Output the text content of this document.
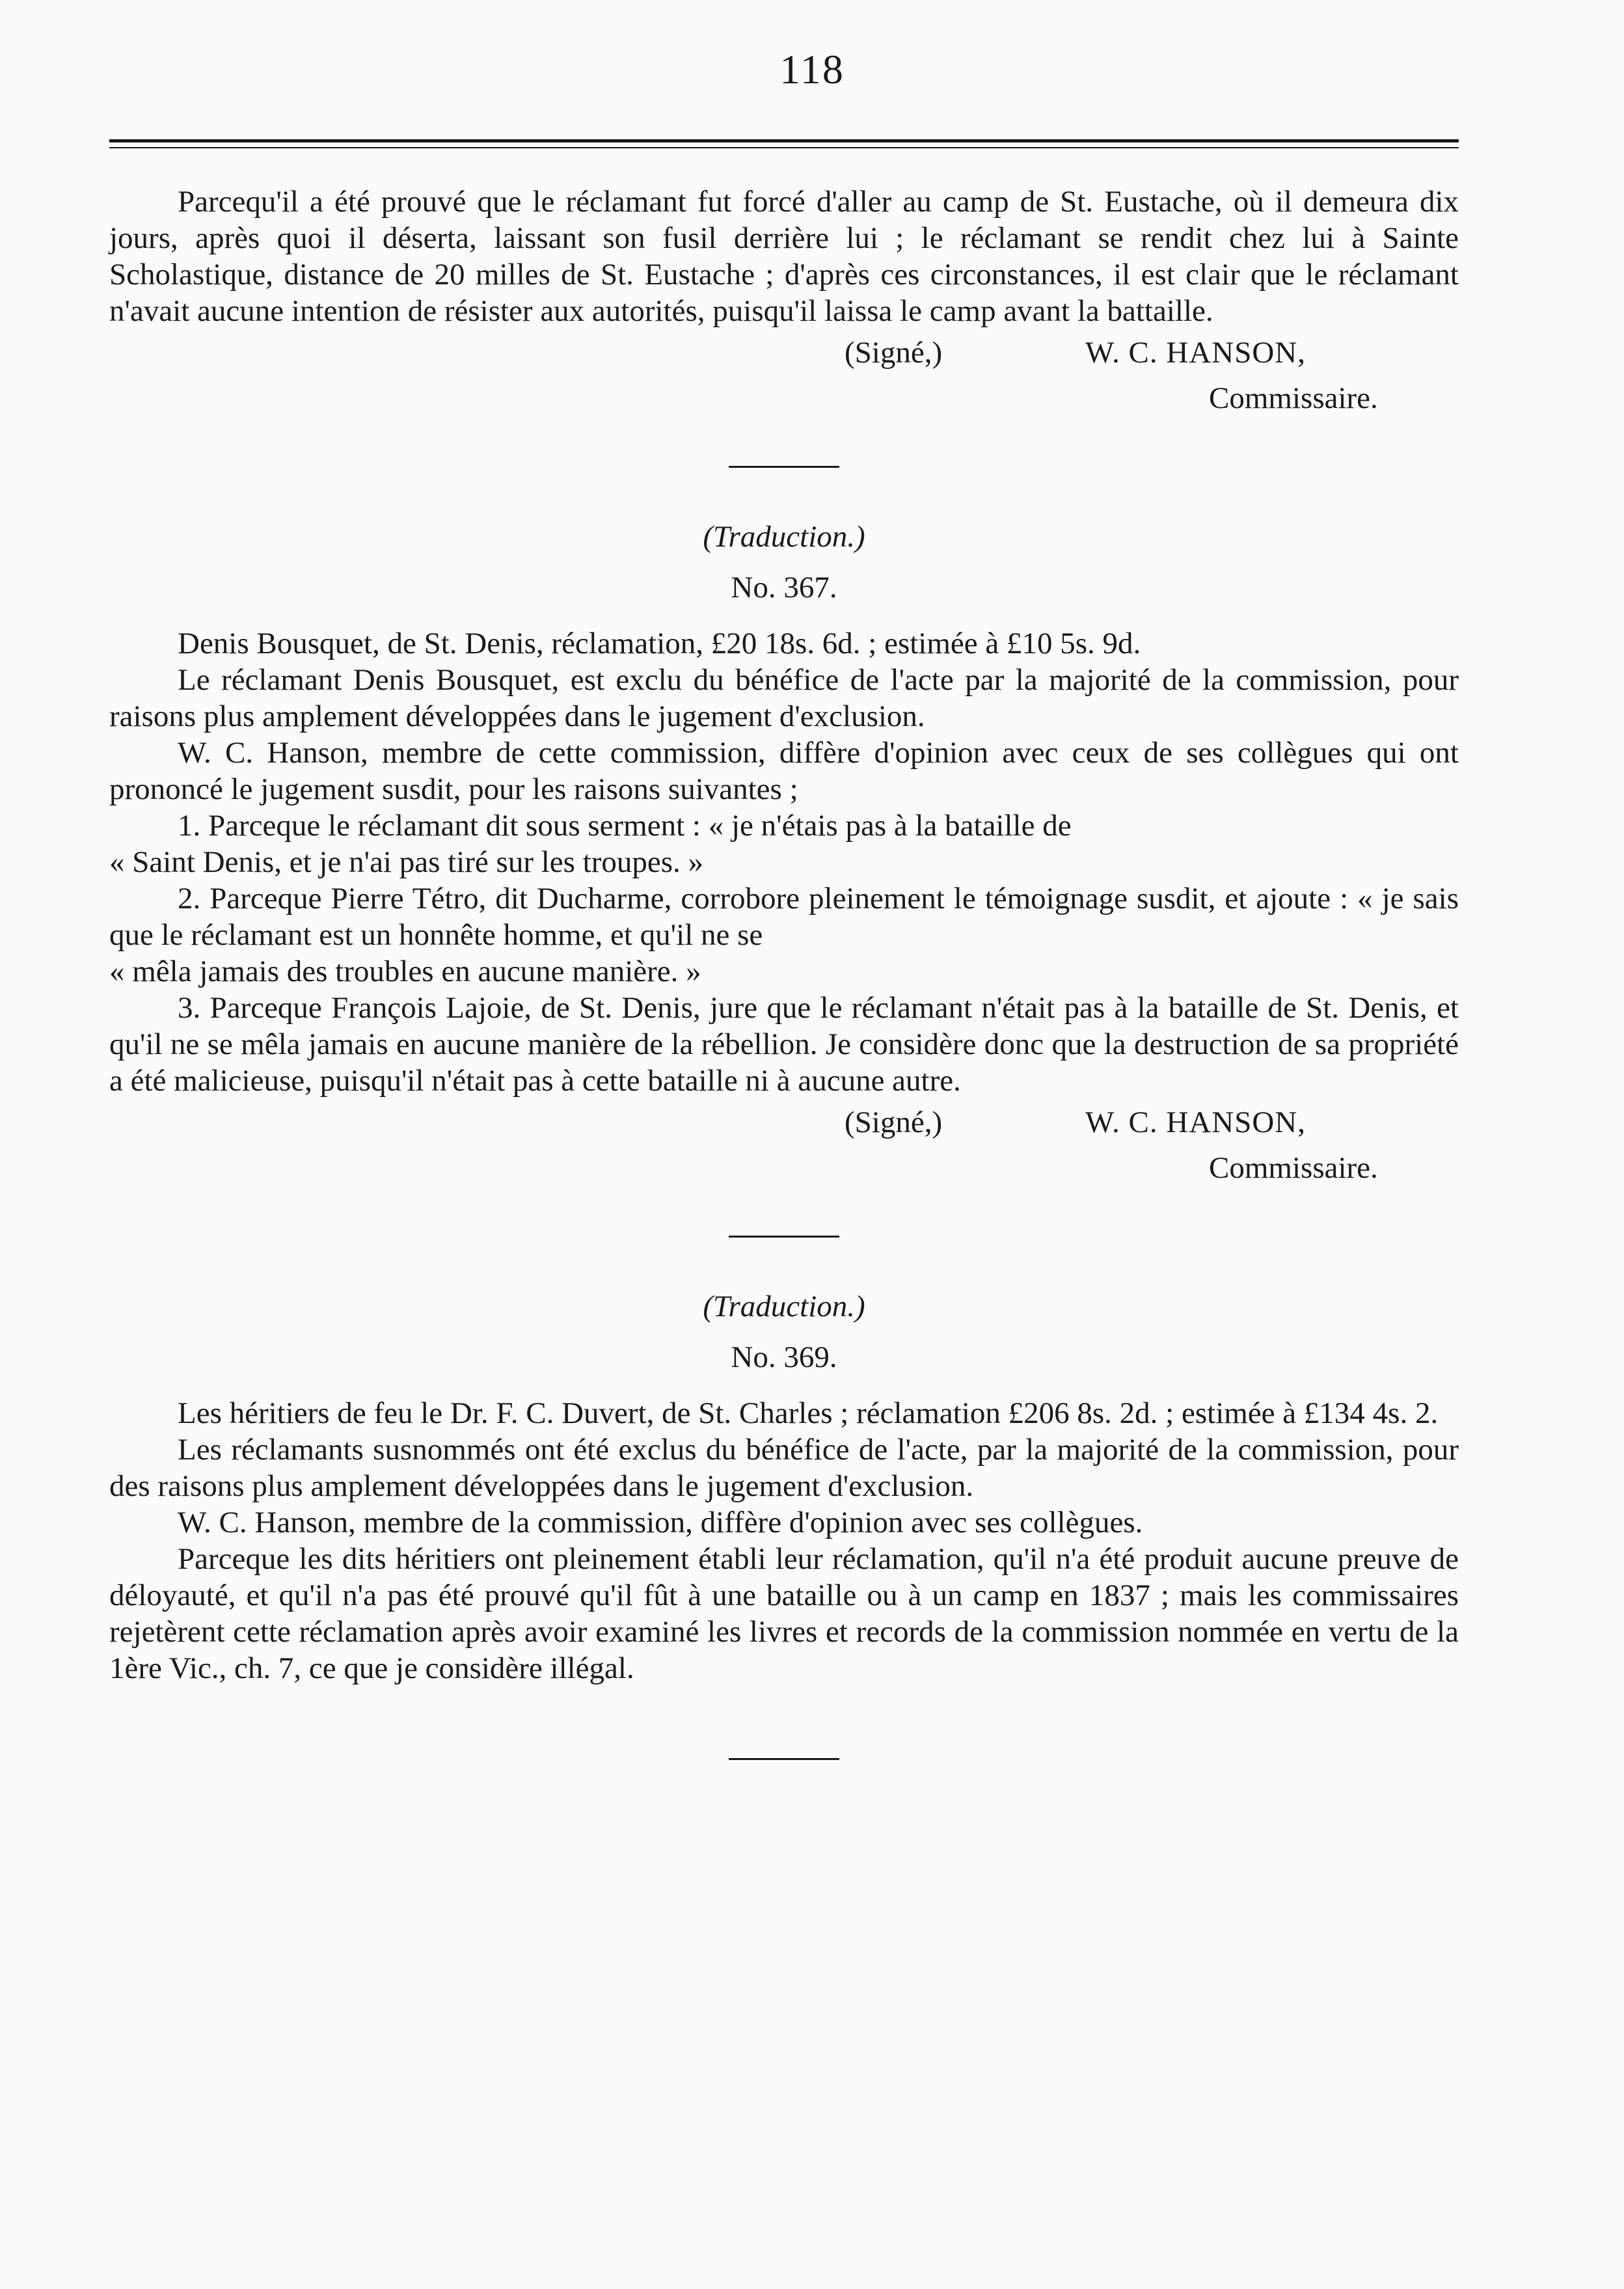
118

Parcequ'il a été prouvé que le réclamant fut forcé d'aller au camp de St. Eustache, où il demeura dix jours, après quoi il déserta, laissant son fusil derrière lui ; le réclamant se rendit chez lui à Sainte Scholastique, distance de 20 milles de St. Eustache ; d'après ces circonstances, il est clair que le réclamant n'avait aucune intention de résister aux autorités, puisqu'il laissa le camp avant la battaille.

(Signé,)	W. C. HANSON,
Commissaire.
(Traduction.)
No. 367.

Denis Bousquet, de St. Denis, réclamation, £20 18s. 6d. ; estimée à £10 5s. 9d.

Le réclamant Denis Bousquet, est exclu du bénéfice de l'acte par la majorité de la commission, pour raisons plus amplement développées dans le jugement d'exclusion.

W. C. Hanson, membre de cette commission, diffère d'opinion avec ceux de ses collègues qui ont prononcé le jugement susdit, pour les raisons suivantes ;

1. Parceque le réclamant dit sous serment : « je n'étais pas à la bataille de

« Saint Denis, et je n'ai pas tiré sur les troupes. »

2. Parceque Pierre Tétro, dit Ducharme, corrobore pleinement le témoignage susdit, et ajoute : « je sais que le réclamant est un honnête homme, et qu'il ne se

« mêla jamais des troubles en aucune manière. »

3. Parceque François Lajoie, de St. Denis, jure que le réclamant n'était pas à la bataille de St. Denis, et qu'il ne se mêla jamais en aucune manière de la rébellion. Je considère donc que la destruction de sa propriété a été malicieuse, puisqu'il n'était pas à cette bataille ni à aucune autre.

(Signé,)	W. C. HANSON,
Commissaire.
(Traduction.)
No. 369.

Les héritiers de feu le Dr. F. C. Duvert, de St. Charles ; réclamation £206 8s. 2d. ; estimée à £134 4s. 2.

Les réclamants susnommés ont été exclus du bénéfice de l'acte, par la majorité de la commission, pour des raisons plus amplement développées dans le jugement d'exclusion.

W. C. Hanson, membre de la commission, diffère d'opinion avec ses collègues.

Parceque les dits héritiers ont pleinement établi leur réclamation, qu'il n'a été produit aucune preuve de déloyauté, et qu'il n'a pas été prouvé qu'il fût à une bataille ou à un camp en 1837 ; mais les commissaires rejetèrent cette réclamation après avoir examiné les livres et records de la commission nommée en vertu de la 1ère Vic., ch. 7, ce que je considère illégal.
